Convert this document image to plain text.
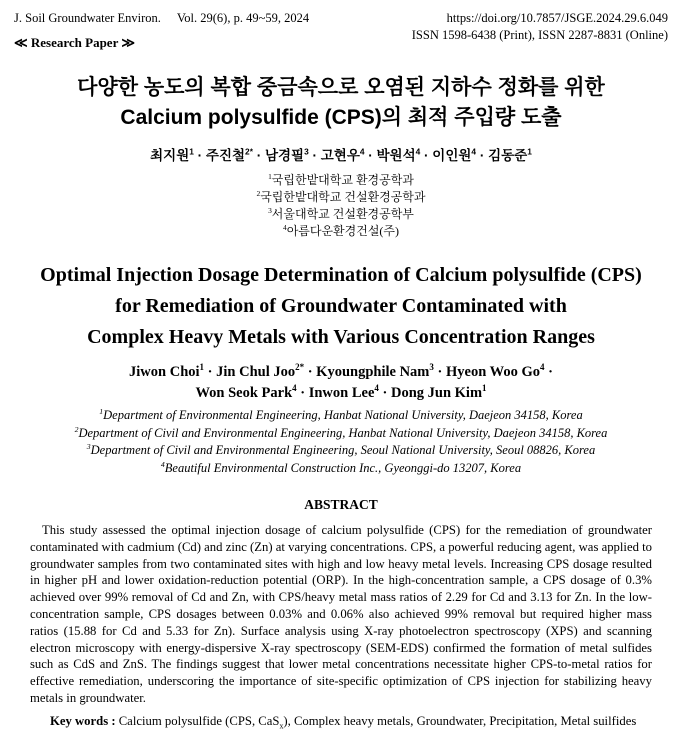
J. Soil Groundwater Environ. Vol. 29(6), p. 49~59, 2024
≪ Research Paper ≫
https://doi.org/10.7857/JSGE.2024.29.6.049
ISSN 1598-6438 (Print), ISSN 2287-8831 (Online)
다양한 농도의 복합 중금속으로 오염된 지하수 정화를 위한
Calcium polysulfide (CPS)의 최적 주입량 도출
최지원$^1$ · 주진철$^{2*}$ · 남경필$^3$ · 고현우$^4$ · 박원석$^4$ · 이인원$^4$ · 김동준$^1$
$^1$국립한밭대학교 환경공학과
$^2$국립한밭대학교 건설환경공학과
$^3$서울대학교 건설환경공학부
$^4$아름다운환경건설(주)
Optimal Injection Dosage Determination of Calcium polysulfide (CPS)
for Remediation of Groundwater Contaminated with
Complex Heavy Metals with Various Concentration Ranges
Jiwon Choi$^1$ · Jin Chul Joo$^{2*}$ · Kyoungphile Nam$^3$ · Hyeon Woo $Go^4$ ·
Won Seok Park$^4$ · Inwon Lee$^4$ · Dong Jun Kim$^1$
$^1$Department of Environmental Engineering, Hanbat National University, Daejeon 34158, Korea
$^2$Department of Civil and Environmental Engineering, Hanbat National University, Daejeon 34158, Korea
$^3$Department of Civil and Environmental Engineering, Seoul National University, Seoul 08826, Korea
$^4$Beautiful Environmental Construction Inc., Gyeonggi-do 13207, Korea
ABSTRACT

This study assessed the optimal injection dosage of calcium polysulfide (CPS) for the remediation of groundwater contaminated with cadmium (Cd) and zinc (Zn) at varying concentrations. CPS, a powerful reducing agent, was applied to groundwater samples from two contaminated sites with high and low heavy metal levels. Increasing CPS dosage resulted in higher pH and lower oxidation-reduction potential (ORP). In the high-concentration sample, a CPS dosage of 0.3% achieved over 99% removal of Cd and Zn, with CPS/heavy metal mass ratios of 2.29 for Cd and 3.13 for Zn. In the low-concentration sample, CPS dosages between 0.03% and 0.06% also achieved 99% removal but required higher mass ratios (15.88 for Cd and 5.33 for Zn). Surface analysis using X-ray photoelectron spectroscopy (XPS) and scanning electron microscopy with energy-dispersive X-ray spectroscopy (SEM-EDS) confirmed the formation of metal sulfides such as CdS and ZnS. The findings suggest that lower metal concentrations necessitate higher CPS-to-metal ratios for effective remediation, underscoring the importance of site-specific optimization of CPS injection for stabilizing heavy metals in groundwater.

Key words : Calcium polysulfide (CPS, CaS$_x$), Complex heavy metals, Groundwater, Precipitation, Metal suilfides
